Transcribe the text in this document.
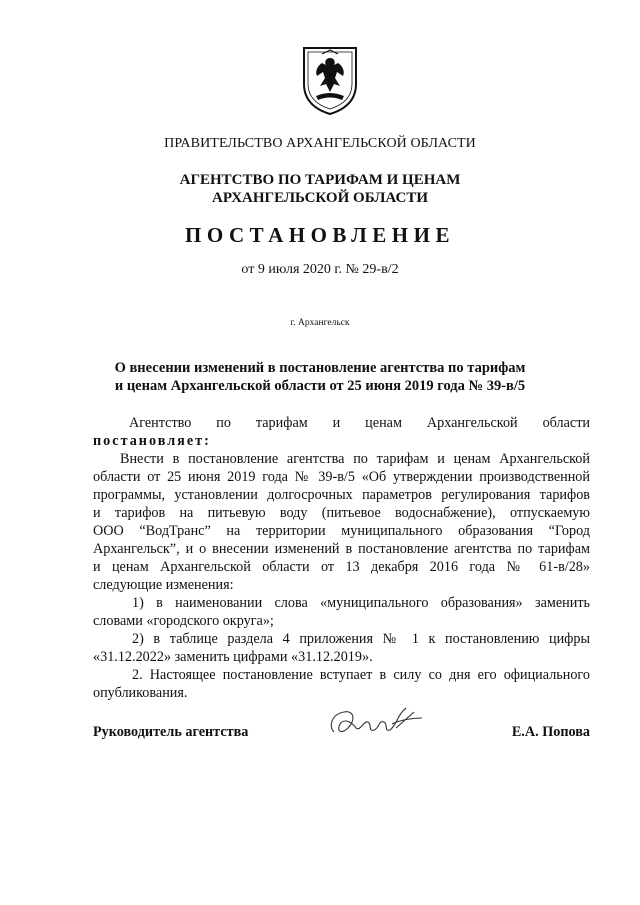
ПРАВИТЕЛЬСТВО АРХАНГЕЛЬСКОЙ ОБЛАСТИ
АГЕНТСТВО ПО ТАРИФАМ И ЦЕНАМ
АРХАНГЕЛЬСКОЙ ОБЛАСТИ
ПОСТАНОВЛЕНИЕ
от 9 июля 2020 г. № 29-в/2
г. Архангельск
О внесении изменений в постановление агентства по тарифам
и ценам Архангельской области от 25 июня 2019 года № 39-в/5
Агентство по тарифам и ценам Архангельской области
постановляет:
Внести в постановление агентства по тарифам и ценам Архангельской
области от 25 июня 2019 года № 39-в/5 «Об утверждении производственной
программы, установлении долгосрочных параметров регулирования тарифов
и тарифов на питьевую воду (питьевое водоснабжение), отпускаемую
ООО “ВодТранс” на территории муниципального образования “Город
Архангельск”, и о внесении изменений в постановление агентства по тарифам
и ценам Архангельской области от 13 декабря 2016 года № 61-в/28»
следующие изменения:
1) в наименовании слова «муниципального образования» заменить
словами «городского округа»;
2) в таблице раздела 4 приложения № 1 к постановлению цифры
«31.12.2022» заменить цифрами «31.12.2019».
2. Настоящее постановление вступает в силу со дня его официального
опубликования.
Руководитель агентства	Е.А. Попова
